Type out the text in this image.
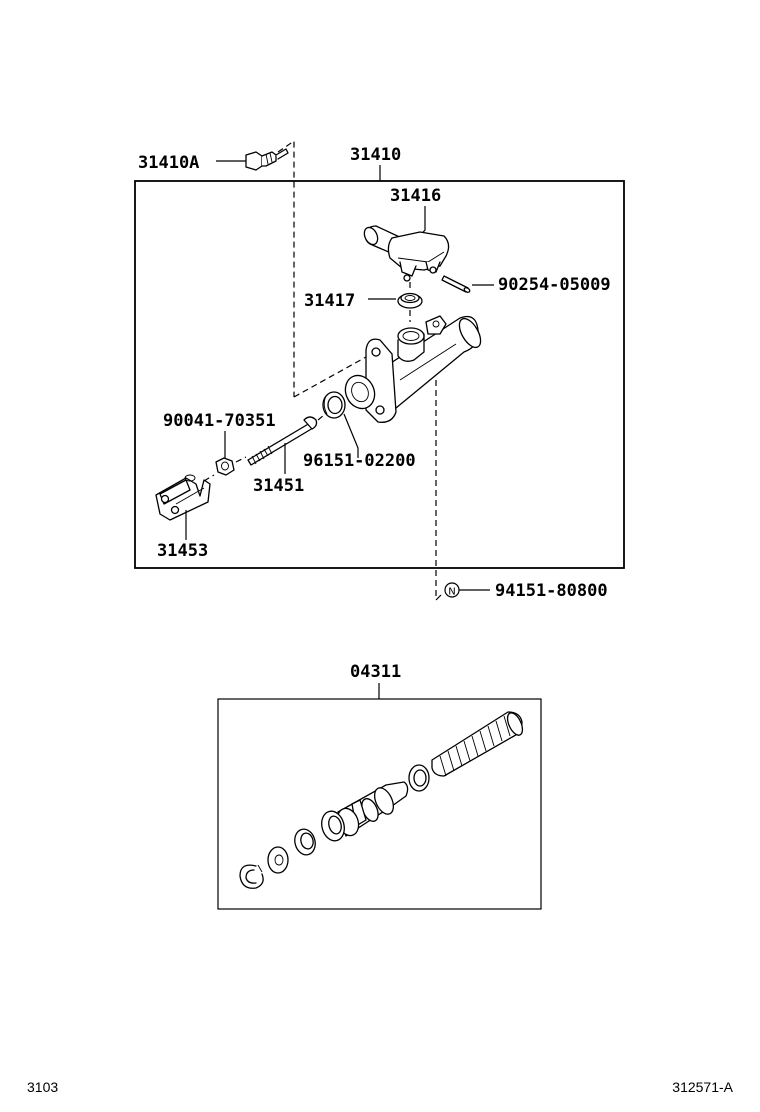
31410
31410A
31416
90254-05009
31417
96151-02200
31451
90041-70351
31453
N 94151-80800
04311
3103	312571-A
